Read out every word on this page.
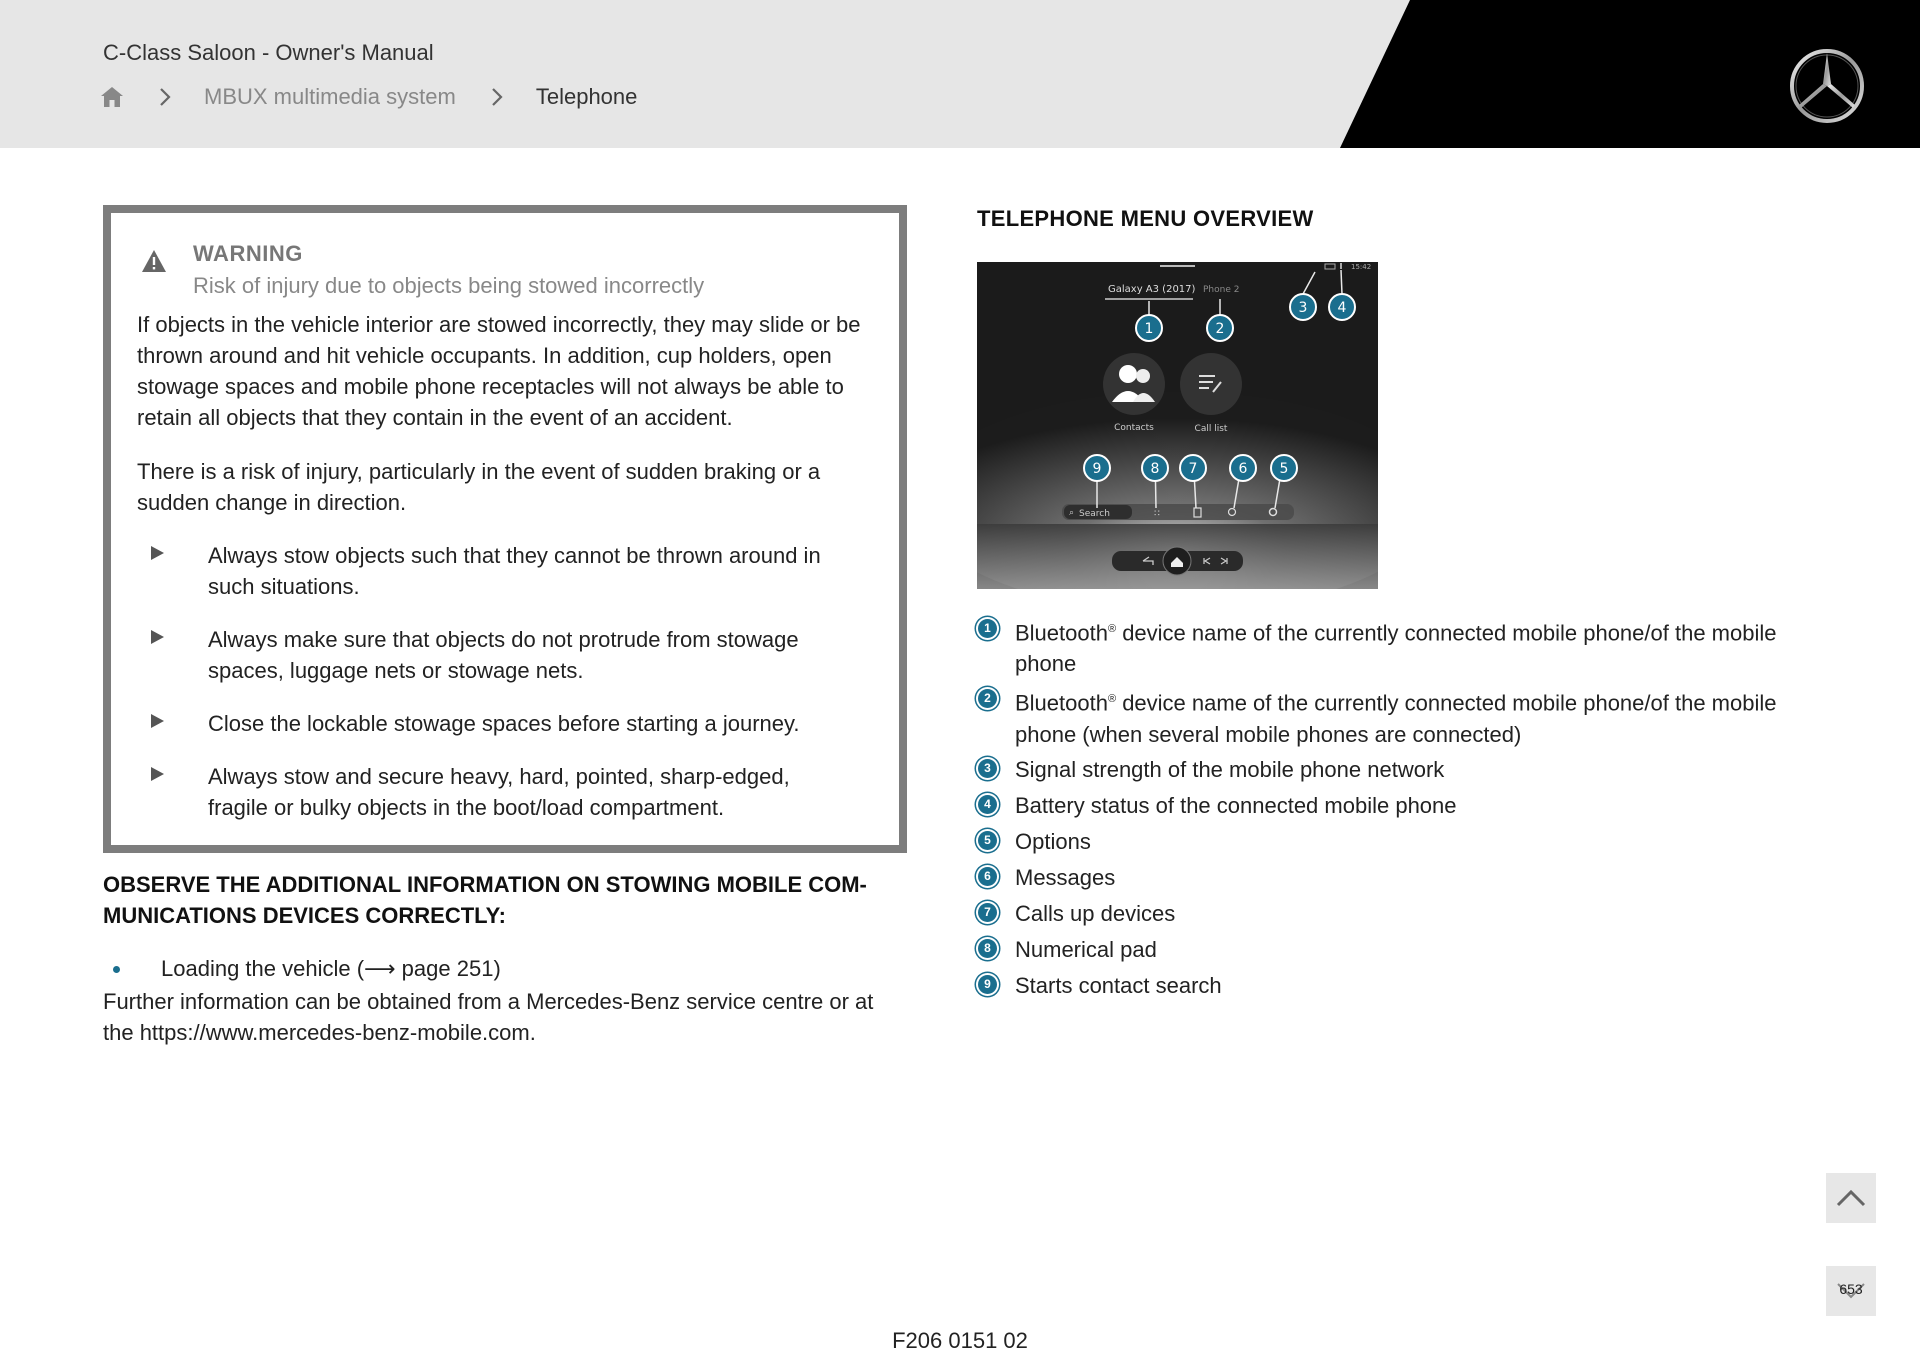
C-Class Saloon - Owner's Manual
MBUX multimedia system	Telephone
WARNING
Risk of injury due to objects being stowed incorrectly
If objects in the vehicle interior are stowed incorrectly, they may slide or be thrown around and hit vehicle occupants. In addition, cup holders, open stowage spaces and mobile phone receptacles will not always be able to retain all objects that they contain in the event of an accident.
There is a risk of injury, particularly in the event of sudden braking or a sudden change in direction.
Always stow objects such that they cannot be thrown around in such situations.
Always make sure that objects do not protrude from stowage spaces, luggage nets or stowage nets.
Close the lockable stowage spaces before starting a journey.
Always stow and secure heavy, hard, pointed, sharp-edged, fragile or bulky objects in the boot/load compartment.
OBSERVE THE ADDITIONAL INFORMATION ON STOWING MOBILE COM-MUNICATIONS DEVICES CORRECTLY:
Loading the vehicle (⟶ page 251)
Further information can be obtained from a Mercedes-Benz service centre or at the https://www.mercedes-benz-mobile.com.
TELEPHONE MENU OVERVIEW
15:42
Galaxy A3 (2017) Phone 2
Contacts	Call list
⌕ Search	∷
1	2
3 4
9	8 7	6 5
1 Bluetooth® device name of the currently connected mobile phone/of the mobile phone
2 Bluetooth® device name of the currently connected mobile phone/of the mobile phone (when several mobile phones are connected)
3 Signal strength of the mobile phone network
4 Battery status of the connected mobile phone
5 Options
6 Messages
7 Calls up devices
8 Numerical pad
9 Starts contact search
653
F206 0151 02
